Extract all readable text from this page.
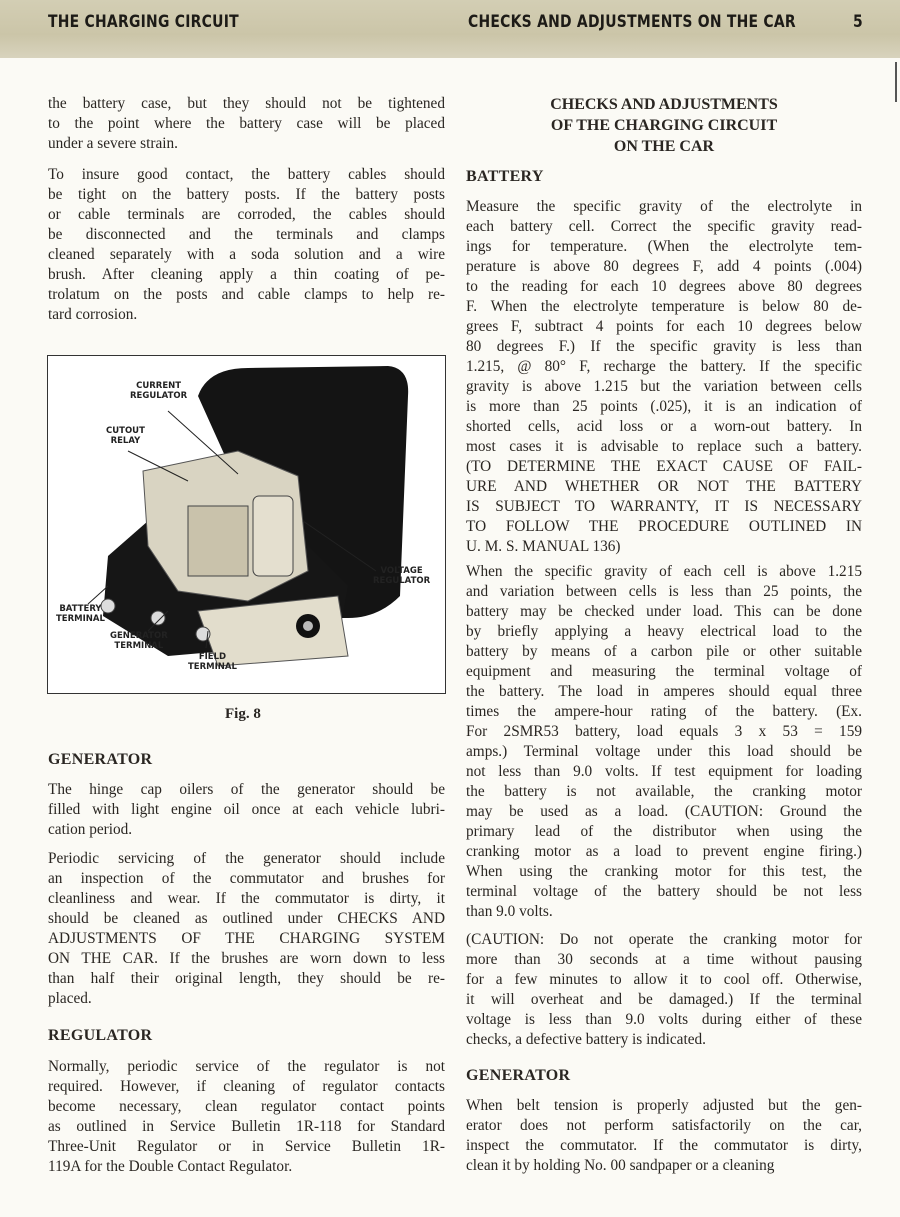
THE CHARGING CIRCUIT	CHECKS AND ADJUSTMENTS ON THE CAR	5
the battery case, but they should not be tightened
to the point where the battery case will be placed
under a severe strain.
To insure good contact, the battery cables should
be tight on the battery posts. If the battery posts
or cable terminals are corroded, the cables should
be disconnected and the terminals and clamps
cleaned separately with a soda solution and a wire
brush. After cleaning apply a thin coating of pe-
trolatum on the posts and cable clamps to help re-
tard corrosion.
CURRENT
REGULATOR
CUTOUT
RELAY
VOLTAGE
REGULATOR
BATTERY
TERMINAL
GENERATOR
TERMINAL
FIELD
TERMINAL
Fig. 8
GENERATOR
The hinge cap oilers of the generator should be
filled with light engine oil once at each vehicle lubri-
cation period.
Periodic servicing of the generator should include
an inspection of the commutator and brushes for
cleanliness and wear. If the commutator is dirty, it
should be cleaned as outlined under CHECKS AND
ADJUSTMENTS OF THE CHARGING SYSTEM
ON THE CAR. If the brushes are worn down to less
than half their original length, they should be re-
placed.
REGULATOR
Normally, periodic service of the regulator is not
required. However, if cleaning of regulator contacts
become necessary, clean regulator contact points
as outlined in Service Bulletin 1R-118 for Standard
Three-Unit Regulator or in Service Bulletin 1R-
119A for the Double Contact Regulator.
CHECKS AND ADJUSTMENTS
OF THE CHARGING CIRCUIT
ON THE CAR
BATTERY
Measure the specific gravity of the electrolyte in
each battery cell. Correct the specific gravity read-
ings for temperature. (When the electrolyte tem-
perature is above 80 degrees F, add 4 points (.004)
to the reading for each 10 degrees above 80 degrees
F. When the electrolyte temperature is below 80 de-
grees F, subtract 4 points for each 10 degrees below
80 degrees F.) If the specific gravity is less than
1.215, @ 80° F, recharge the battery. If the specific
gravity is above 1.215 but the variation between cells
is more than 25 points (.025), it is an indication of
shorted cells, acid loss or a worn-out battery. In
most cases it is advisable to replace such a battery.
(TO DETERMINE THE EXACT CAUSE OF FAIL-
URE AND WHETHER OR NOT THE BATTERY
IS SUBJECT TO WARRANTY, IT IS NECESSARY
TO FOLLOW THE PROCEDURE OUTLINED IN
U. M. S. MANUAL 136)
When the specific gravity of each cell is above 1.215
and variation between cells is less than 25 points, the
battery may be checked under load. This can be done
by briefly applying a heavy electrical load to the
battery by means of a carbon pile or other suitable
equipment and measuring the terminal voltage of
the battery. The load in amperes should equal three
times the ampere-hour rating of the battery. (Ex.
For 2SMR53 battery, load equals 3 x 53 = 159
amps.) Terminal voltage under this load should be
not less than 9.0 volts. If test equipment for loading
the battery is not available, the cranking motor
may be used as a load. (CAUTION: Ground the
primary lead of the distributor when using the
cranking motor as a load to prevent engine firing.)
When using the cranking motor for this test, the
terminal voltage of the battery should be not less
than 9.0 volts.
(CAUTION: Do not operate the cranking motor for
more than 30 seconds at a time without pausing
for a few minutes to allow it to cool off. Otherwise,
it will overheat and be damaged.) If the terminal
voltage is less than 9.0 volts during either of these
checks, a defective battery is indicated.
GENERATOR
When belt tension is properly adjusted but the gen-
erator does not perform satisfactorily on the car,
inspect the commutator. If the commutator is dirty,
clean it by holding No. 00 sandpaper or a cleaning
